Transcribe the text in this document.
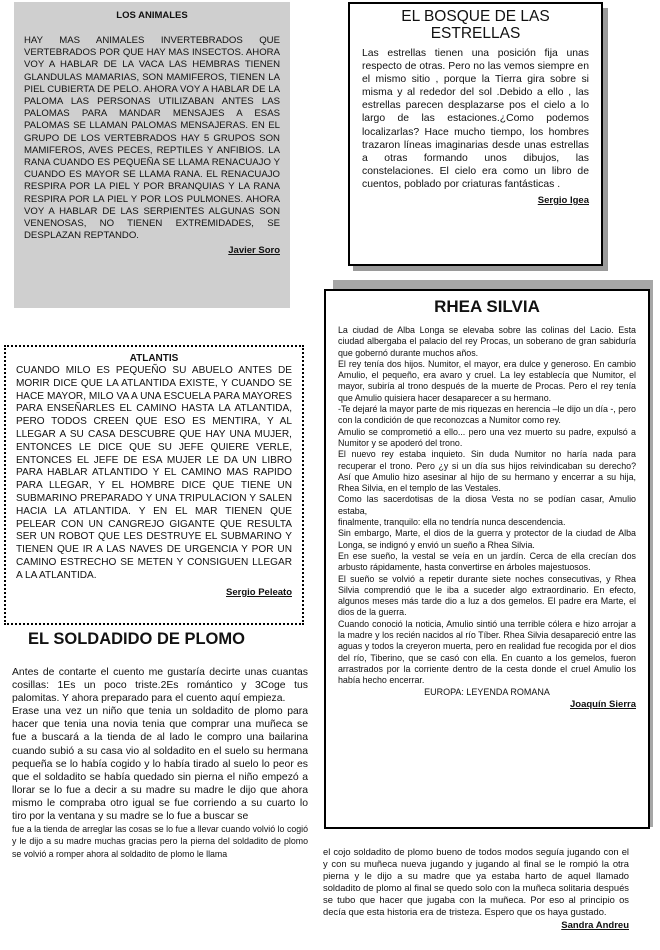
LOS ANIMALES

HAY MAS ANIMALES INVERTEBRADOS QUE VERTEBRADOS POR QUE HAY MAS INSECTOS. AHORA VOY A HABLAR DE LA VACA LAS HEMBRAS TIENEN GLANDULAS MAMARIAS, SON MAMIFEROS, TIENEN LA PIEL CUBIERTA DE PELO. AHORA VOY A HABLAR DE LA PALOMA LAS PERSONAS UTILIZABAN ANTES LAS PALOMAS PARA MANDAR MENSAJES A ESAS PALOMAS SE LLAMAN PALOMAS MENSAJERAS. EN EL GRUPO DE LOS VERTEBRADOS HAY 5 GRUPOS SON MAMIFEROS, AVES PECES, REPTILES Y ANFIBIOS. LA RANA CUANDO ES PEQUEÑA SE LLAMA RENACUAJO Y CUANDO ES MAYOR SE LLAMA RANA. EL RENACUAJO RESPIRA POR LA PIEL Y POR BRANQUIAS Y LA RANA RESPIRA POR LA PIEL Y POR LOS PULMONES. AHORA VOY A HABLAR DE LAS SERPIENTES ALGUNAS SON VENENOSAS, NO TIENEN EXTREMIDADES, SE DESPLAZAN REPTANDO.

Javier Soro

EL BOSQUE DE LAS ESTRELLAS

Las estrellas tienen una posición fija unas respecto de otras. Pero no las vemos siempre en el mismo sitio , porque la Tierra gira sobre si misma y al rededor del sol .Debido a ello , las estrellas parecen desplazarse pos el cielo a lo largo de las estaciones.¿Como podemos localizarlas? Hace mucho tiempo, los hombres trazaron líneas imaginarias desde unas estrellas a otras formando unos dibujos, las constelaciones. El cielo era como un libro de cuentos, poblado por criaturas fantásticas .

Sergio Igea

RHEA SILVIA

La ciudad de Alba Longa se elevaba sobre las colinas del Lacio. Esta ciudad albergaba el palacio del rey Procas, un soberano de gran sabiduría que gobernó durante muchos años.

El rey tenía dos hijos. Numitor, el mayor, era dulce y generoso. En cambio Amulio, el pequeño, era avaro y cruel. La ley establecía que Numitor, el mayor, subiría al trono después de la muerte de Procas. Pero el rey tenía que Amulio quisiera hacer desaparecer a su hermano.

-Te dejaré la mayor parte de mis riquezas en herencia –le dijo un día -, pero con la condición de que reconozcas a Numitor como rey.

Amulio se comprometió a ello... pero una vez muerto su padre, expulsó a Numitor y se apoderó del trono.

El nuevo rey estaba inquieto. Sin duda Numitor no haría nada para recuperar el trono. Pero ¿y si un día sus hijos reivindicaban su derecho? Así que Amulio hizo asesinar al hijo de su hermano y encerrar a su hija, Rhea Silvia, en el templo de las Vestales.

Como las sacerdotisas de la diosa Vesta no se podían casar, Amulio estaba,

finalmente, tranquilo: ella no tendría nunca descendencia.

Sin embargo, Marte, el dios de la guerra y protector de la ciudad de Alba Longa, se indignó y envió un sueño a Rhea Silvia.

En ese sueño, la vestal se veía en un jardín. Cerca de ella crecían dos arbusto rápidamente, hasta convertirse en árboles majestuosos.

El sueño se volvió a repetir durante siete noches consecutivas, y Rhea Silvia comprendió que le iba a suceder algo extraordinario. En efecto, algunos meses más tarde dio a luz a dos gemelos. El padre era Marte, el dios de la guerra.

Cuando conoció la noticia, Amulio sintió una terrible cólera e hizo arrojar a la madre y los recién nacidos al río Tíber. Rhea Silvia desapareció entre las aguas y todos la creyeron muerta, pero en realidad fue recogida por el dios del río, Tiberino, que se casó con ella. En cuanto a los gemelos, fueron arrastrados por la corriente dentro de la cesta donde el cruel Amulio los había hecho encerrar.

EUROPA: LEYENDA ROMANA

Joaquín Sierra

ATLANTIS

CUANDO MILO ES PEQUEÑO SU ABUELO ANTES DE MORIR DICE QUE LA ATLANTIDA EXISTE, Y CUANDO SE HACE MAYOR, MILO VA A UNA ESCUELA PARA MAYORES PARA ENSEÑARLES EL CAMINO HASTA LA ATLANTIDA, PERO TODOS CREEN QUE ESO ES MENTIRA, Y AL LLEGAR A SU CASA DESCUBRE QUE HAY UNA MUJER, ENTONCES LE DICE QUE SU JEFE QUIERE VERLE, ENTONCES EL JEFE DE ESA MUJER LE DA UN LIBRO PARA HABLAR ATLANTIDO Y EL CAMINO MAS RAPIDO PARA LLEGAR, Y EL HOMBRE DICE QUE TIENE UN SUBMARINO PREPARADO Y UNA TRIPULACION Y SALEN HACIA LA ATLANTIDA. Y EN EL MAR TIENEN QUE PELEAR CON UN CANGREJO GIGANTE QUE RESULTA SER UN ROBOT QUE LES DESTRUYE EL SUBMARINO Y TIENEN QUE IR A LAS NAVES DE URGENCIA Y POR UN CAMINO ESTRECHO SE METEN Y CONSIGUEN LLEGAR A LA ATLANTIDA.

Sergio Peleato

EL SOLDADIDO DE PLOMO

Antes de contarte el cuento me gustaría decirte unas cuantas cosillas: 1Es un poco triste.2Es romántico y 3Coge tus palomitas. Y ahora preparado para el cuento aquí empieza.

Erase una vez un niño que tenia un soldadito de plomo para hacer que tenia una novia tenia que comprar una muñeca se fue a buscará a la tienda de al lado le compro una bailarina cuando subió a su casa vio al soldadito en el suelo su hermana pequeña se lo había cogido y lo había tirado al suelo lo peor es que el soldadito se había quedado sin pierna el niño empezó a llorar se lo fue a decir a su madre su madre le dijo que ahora mismo le compraba otro igual se fue corriendo a su cuarto lo tiro por la ventana y su madre se lo fue a buscar se

fue a la tienda de arreglar las cosas se lo fue a llevar cuando volvió lo cogió y le dijo a su madre muchas gracias pero la pierna del soldadito de plomo se volvió a romper ahora al soldadito de plomo le llama	el cojo soldadito de plomo bueno de todos modos seguía jugando con el y con su muñeca nueva jugando y jugando al final se le rompió la otra pierna y le dijo a su madre que ya estaba harto de aquel llamado soldadito de plomo al final se quedo solo con la muñeca solitaria después se tubo que hacer que jugaba con la muñeca. Por eso al principio os decía que esta historia era de tristeza. Espero que os haya gustado.

Sandra Andreu
